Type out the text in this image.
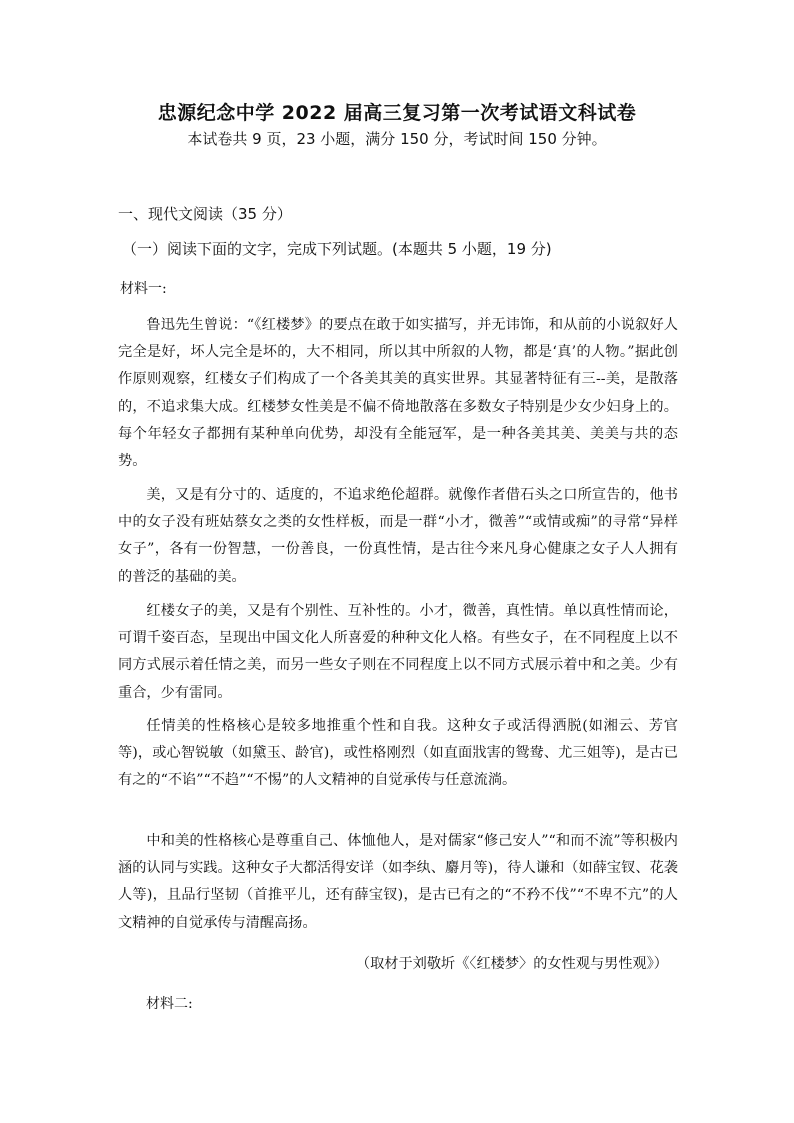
忠源纪念中学 2022 届高三复习第一次考试语文科试卷
本试卷共 9 页，23 小题，满分 150 分，考试时间 150 分钟。
一、现代文阅读（35 分）
（一）阅读下面的文字，完成下列试题。(本题共 5 小题，19 分)
材料一:

鲁迅先生曾说：“《红楼梦》的要点在敢于如实描写，并无讳饰，和从前的小说叙好人完全是好，坏人完全是坏的，大不相同，所以其中所叙的人物，都是‘真’的人物。”据此创作原则观察，红楼女子们构成了一个各美其美的真实世界。其显著特征有三--美，是散落的，不追求集大成。红楼梦女性美是不偏不倚地散落在多数女子特别是少女少妇身上的。每个年轻女子都拥有某种单向优势，却没有全能冠军，是一种各美其美、美美与共的态势。

美，又是有分寸的、适度的，不追求绝伦超群。就像作者借石头之口所宣告的，他书中的女子没有班姑蔡女之类的女性样板，而是一群“小才，微善”“或情或痴”的寻常“异样女子”，各有一份智慧，一份善良，一份真性情，是古往今来凡身心健康之女子人人拥有的普泛的基础的美。

红楼女子的美，又是有个别性、互补性的。小才，微善，真性情。单以真性情而论，可谓千姿百态，呈现出中国文化人所喜爱的种种文化人格。有些女子，在不同程度上以不同方式展示着任情之美，而另一些女子则在不同程度上以不同方式展示着中和之美。少有重合，少有雷同。

任情美的性格核心是较多地推重个性和自我。这种女子或活得洒脱(如湘云、芳官等)，或心智锐敏（如黛玉、龄官)，或性格刚烈（如直面戕害的鸳鸯、尤三姐等)，是古已有之的“不谄”“不趋”“不惕”的人文精神的自觉承传与任意流淌。

中和美的性格核心是尊重自己、体恤他人，是对儒家“修己安人”“和而不流”等积极内涵的认同与实践。这种女子大都活得安详（如李纨、麝月等)，待人谦和（如薛宝钗、花袭人等)，且品行坚韧（首推平儿，还有薛宝钗)，是古已有之的“不矜不伐”“不卑不亢”的人文精神的自觉承传与清醒高扬。

（取材于刘敬圻《〈红楼梦〉的女性观与男性观》）
材料二:
